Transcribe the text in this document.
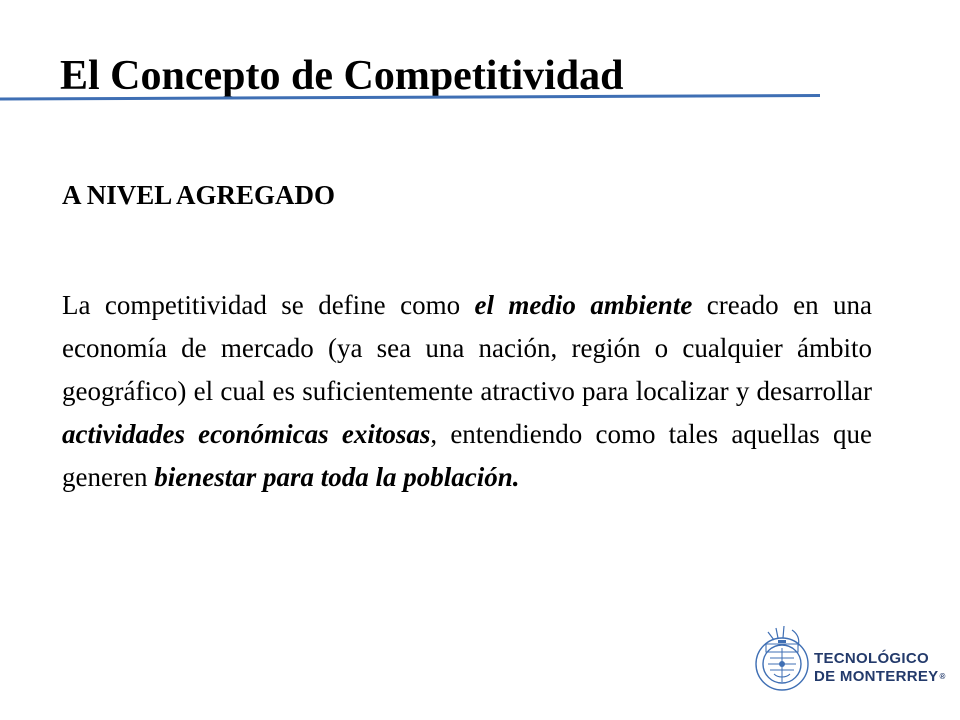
El Concepto de Competitividad

A NIVEL AGREGADO

La competitividad se define como el medio ambiente creado en una economía de mercado (ya sea una nación, región o cualquier ámbito geográfico) el cual es suficientemente atractivo para localizar y desarrollar actividades económicas exitosas, entendiendo como tales aquellas que generen bienestar para toda la población.

TECNOLÓGICO
DE MONTERREY®
